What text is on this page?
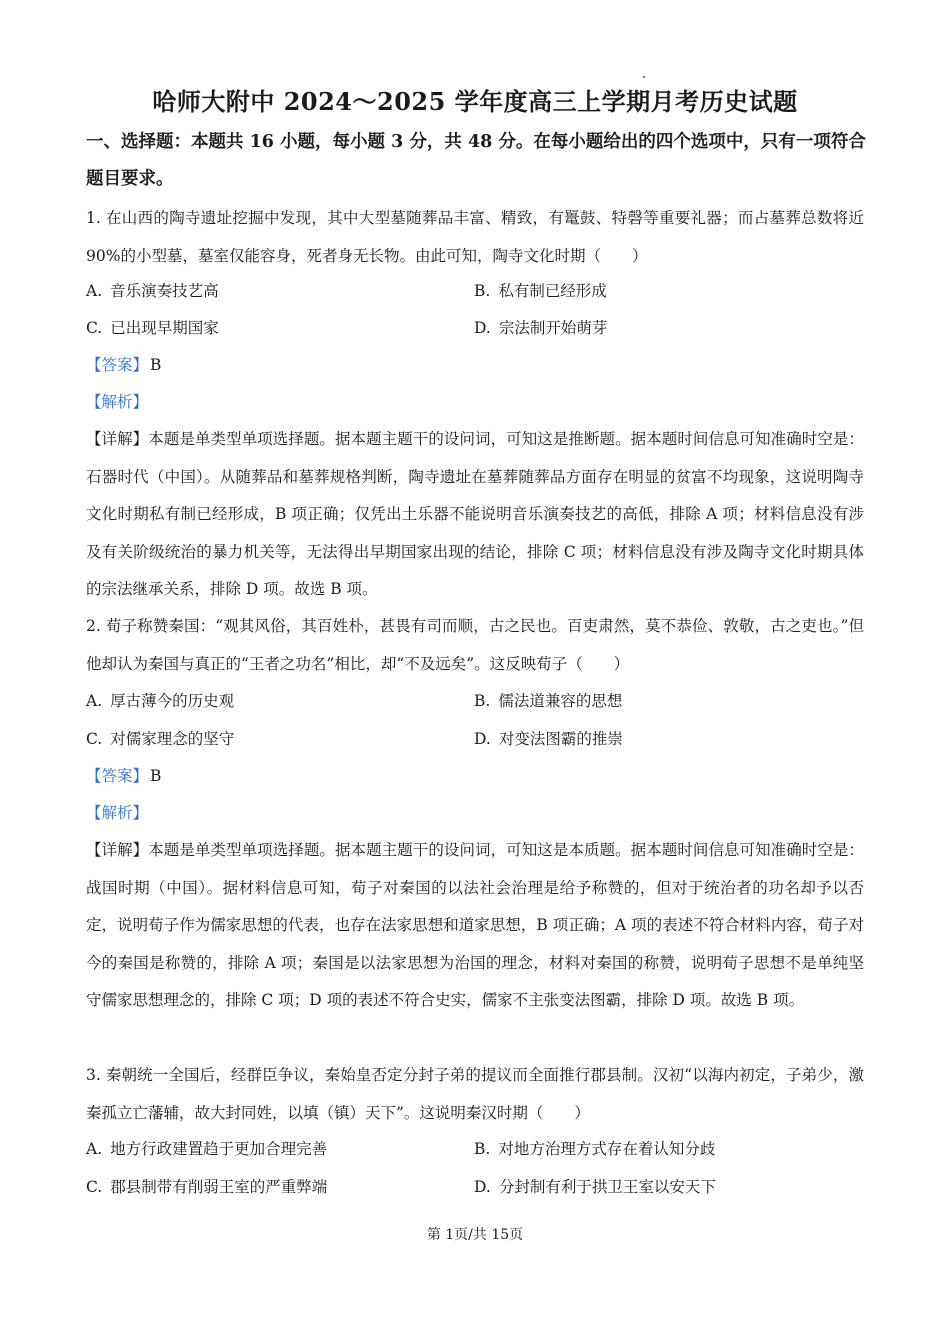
哈师大附中 2024～2025 学年度高三上学期月考历史试题
一、选择题：本题共 16 小题，每小题 3 分，共 48 分。在每小题给出的四个选项中，只有一项符合题目要求。
1. 在山西的陶寺遗址挖掘中发现，其中大型墓随葬品丰富、精致，有鼍鼓、特磬等重要礼器；而占墓葬总数将近 90%的小型墓，墓室仅能容身，死者身无长物。由此可知，陶寺文化时期（　　）
A. 音乐演奏技艺高	B. 私有制已经形成
C. 已出现早期国家	D. 宗法制开始萌芽
【答案】 B
【解析】
【详解】本题是单类型单项选择题。据本题主题干的设问词，可知这是推断题。据本题时间信息可知准确时空是：石器时代（中国）。从随葬品和墓葬规格判断，陶寺遗址在墓葬随葬品方面存在明显的贫富不均现象，这说明陶寺文化时期私有制已经形成，B 项正确；仅凭出土乐器不能说明音乐演奏技艺的高低，排除 A 项；材料信息没有涉及有关阶级统治的暴力机关等，无法得出早期国家出现的结论，排除 C 项；材料信息没有涉及陶寺文化时期具体的宗法继承关系，排除 D 项。故选 B 项。
2. 荀子称赞秦国：“观其风俗，其百姓朴，甚畏有司而顺，古之民也。百吏肃然，莫不恭俭、敦敬，古之吏也。”但他却认为秦国与真正的“王者之功名”相比，却“不及远矣”。这反映荀子（　　）
A. 厚古薄今的历史观	B. 儒法道兼容的思想
C. 对儒家理念的坚守	D. 对变法图霸的推崇
【答案】 B
【解析】
【详解】本题是单类型单项选择题。据本题主题干的设问词，可知这是本质题。据本题时间信息可知准确时空是：战国时期（中国）。据材料信息可知，荀子对秦国的以法社会治理是给予称赞的，但对于统治者的功名却予以否定，说明荀子作为儒家思想的代表，也存在法家思想和道家思想，B 项正确；A 项的表述不符合材料内容，荀子对今的秦国是称赞的，排除 A 项；秦国是以法家思想为治国的理念，材料对秦国的称赞，说明荀子思想不是单纯坚守儒家思想理念的，排除 C 项；D 项的表述不符合史实，儒家不主张变法图霸，排除 D 项。故选 B 项。
3. 秦朝统一全国后，经群臣争议，秦始皇否定分封子弟的提议而全面推行郡县制。汉初“以海内初定，子弟少，激秦孤立亡藩辅，故大封同姓，以填（镇）天下”。这说明秦汉时期（　　）
A. 地方行政建置趋于更加合理完善	B. 对地方治理方式存在着认知分歧
C. 郡县制带有削弱王室的严重弊端	D. 分封制有利于拱卫王室以安天下
第 1页/共 15页
